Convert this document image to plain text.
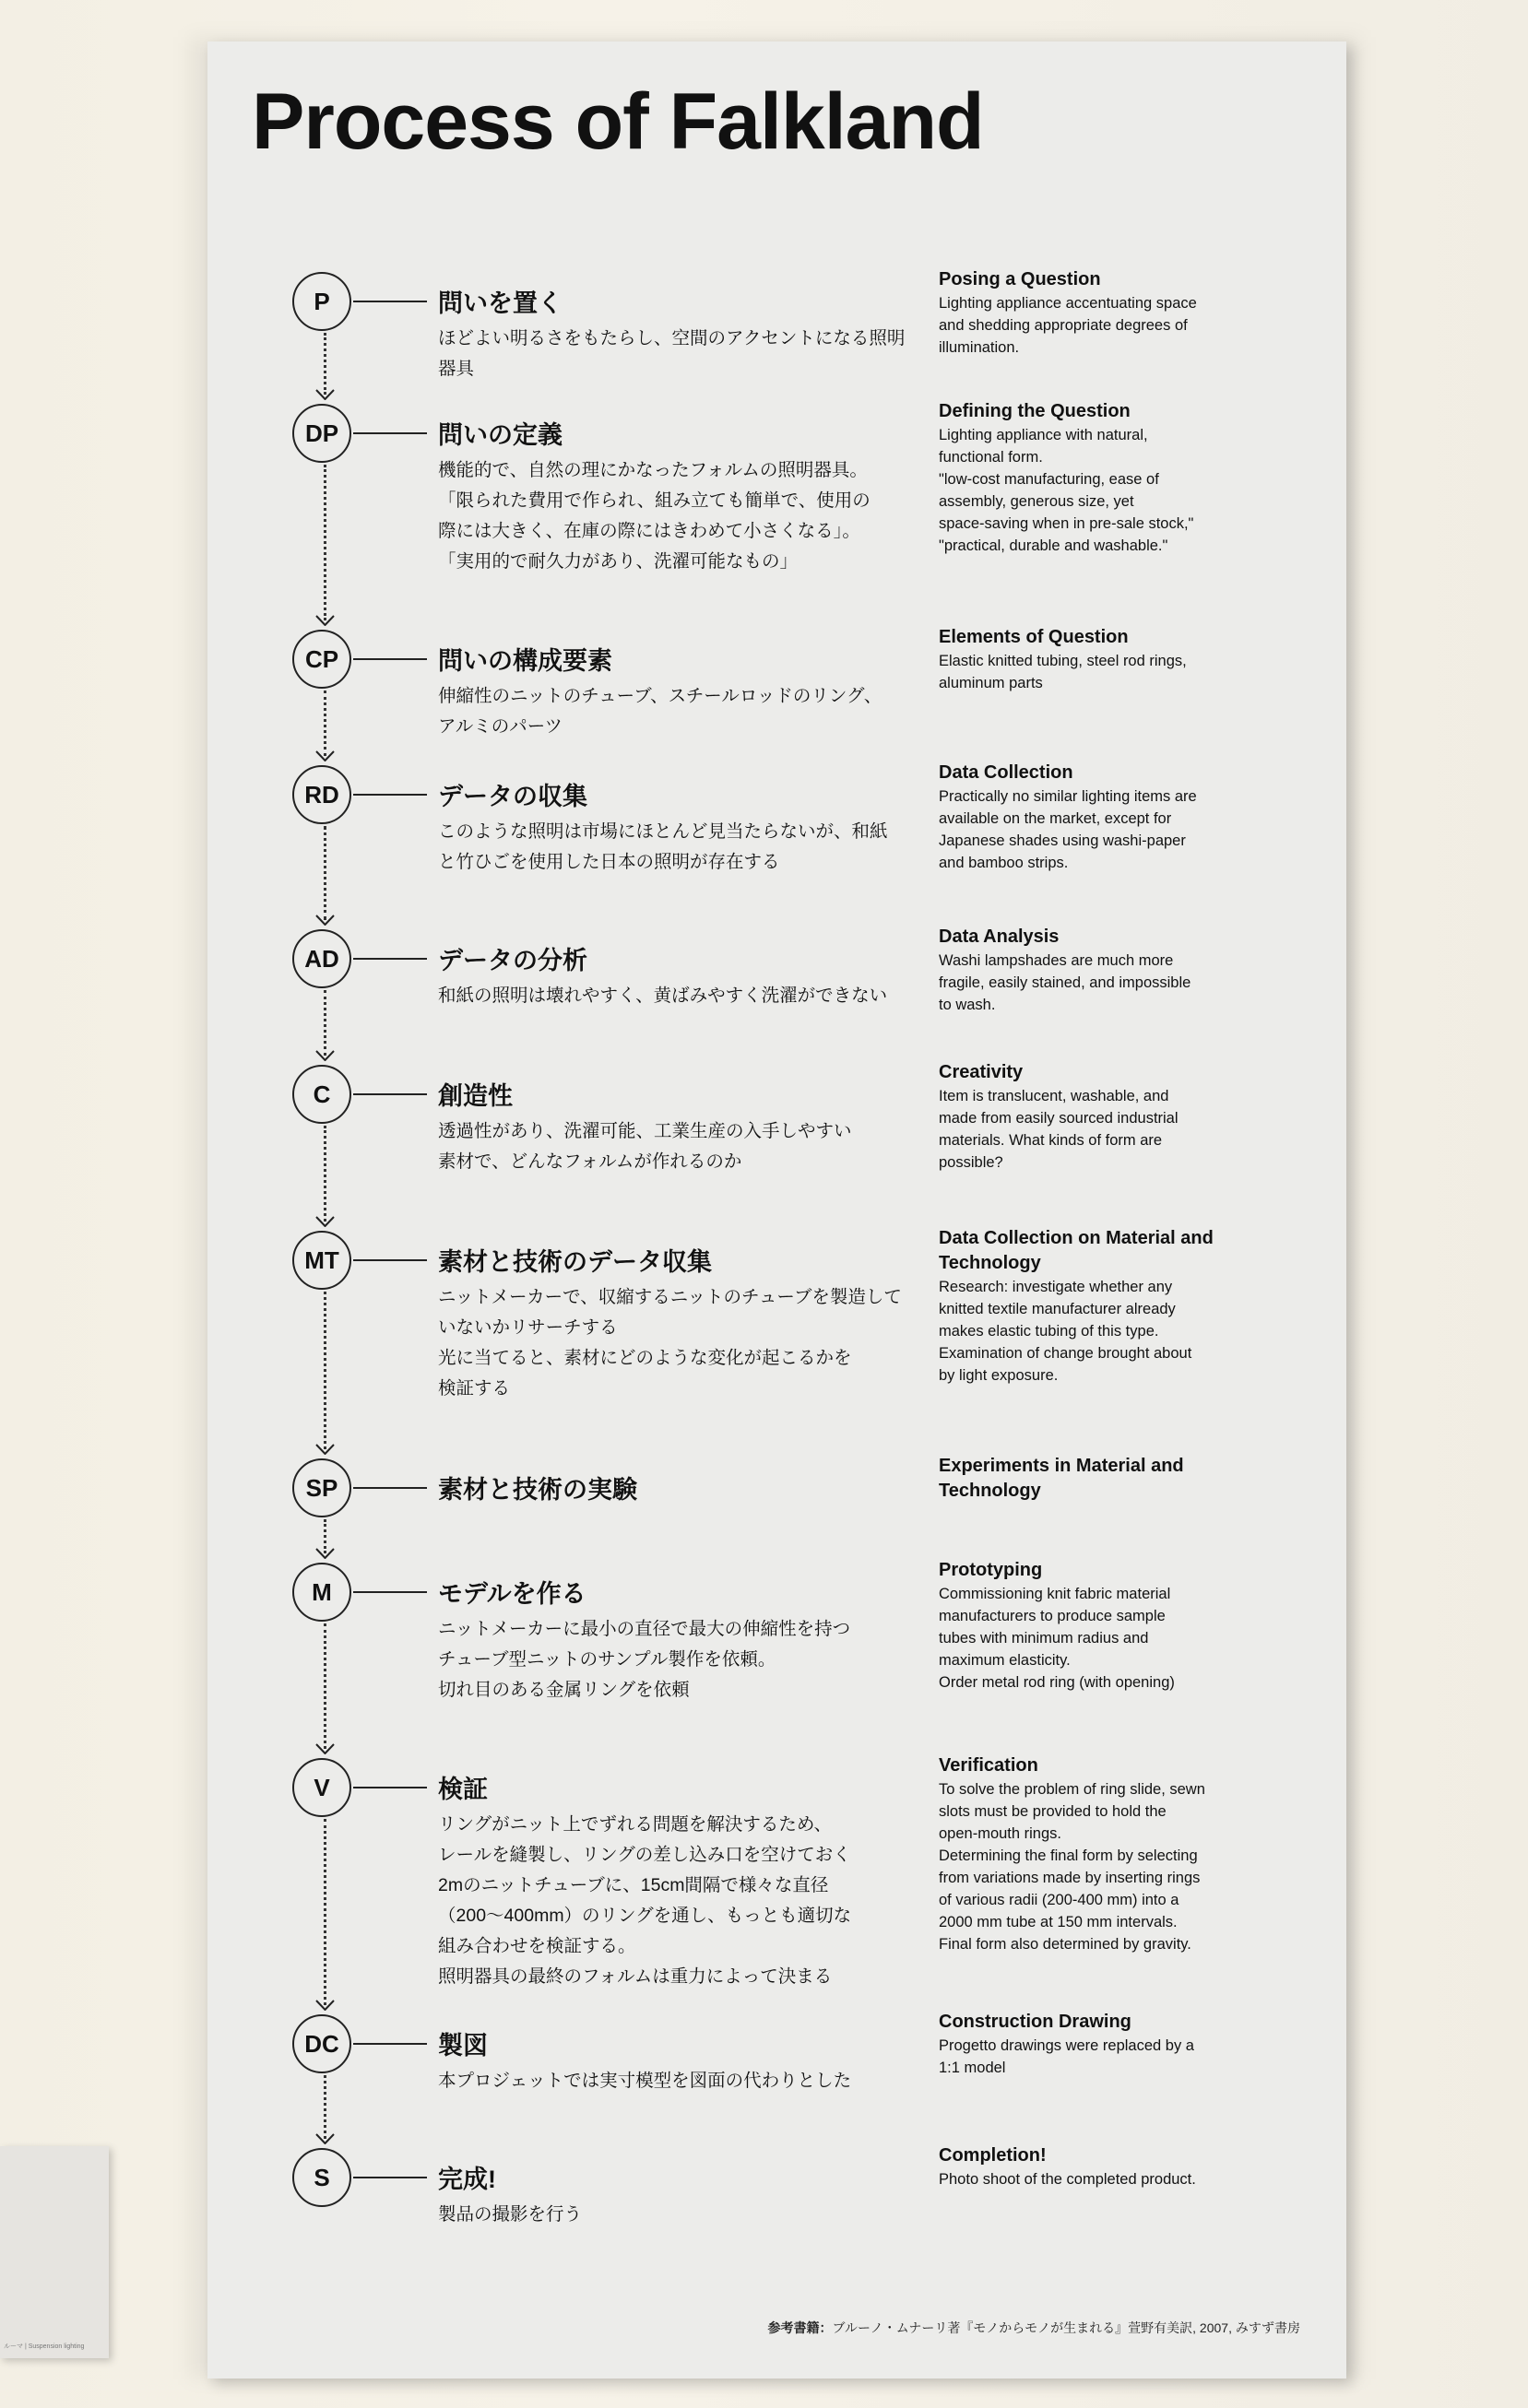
ルーマ | Suspension lighting
Process of Falkland
P	問いを置く
ほどよい明るさをもたらし、空間のアクセントになる照明
器具
Posing a Question
Lighting appliance accentuating space
and shedding appropriate degrees of
illumination.
DP	問いの定義
機能的で、自然の理にかなったフォルムの照明器具。
「限られた費用で作られ、組み立ても簡単で、使用の
際には大きく、在庫の際にはきわめて小さくなる」。
「実用的で耐久力があり、洗濯可能なもの」
Defining the Question
Lighting appliance with natural,
functional form.
"low-cost manufacturing, ease of
assembly, generous size, yet
space-saving when in pre-sale stock,"
"practical, durable and washable."
CP	問いの構成要素
伸縮性のニットのチューブ、スチールロッドのリング、
アルミのパーツ
Elements of Question
Elastic knitted tubing, steel rod rings,
aluminum parts
RD	データの収集
このような照明は市場にほとんど見当たらないが、和紙
と竹ひごを使用した日本の照明が存在する
Data Collection
Practically no similar lighting items are
available on the market, except for
Japanese shades using washi-paper
and bamboo strips.
AD	データの分析
和紙の照明は壊れやすく、黄ばみやすく洗濯ができない
Data Analysis
Washi lampshades are much more
fragile, easily stained, and impossible
to wash.
C	創造性
透過性があり、洗濯可能、工業生産の入手しやすい
素材で、どんなフォルムが作れるのか
Creativity
Item is translucent, washable, and
made from easily sourced industrial
materials. What kinds of form are
possible?
MT	素材と技術のデータ収集
ニットメーカーで、収縮するニットのチューブを製造して
いないかリサーチする
光に当てると、素材にどのような変化が起こるかを
検証する
Data Collection on Material and Technology
Research: investigate whether any
knitted textile manufacturer already
makes elastic tubing of this type.
Examination of change brought about
by light exposure.
SP	素材と技術の実験
Experiments in Material and Technology
M	モデルを作る
ニットメーカーに最小の直径で最大の伸縮性を持つ
チューブ型ニットのサンプル製作を依頼。
切れ目のある金属リングを依頼
Prototyping
Commissioning knit fabric material
manufacturers to produce sample
tubes with minimum radius and
maximum elasticity.
Order metal rod ring (with opening)
V	検証
リングがニット上でずれる問題を解決するため、
レールを縫製し、リングの差し込み口を空けておく
2mのニットチューブに、15cm間隔で様々な直径
（200〜400mm）のリングを通し、もっとも適切な
組み合わせを検証する。
照明器具の最終のフォルムは重力によって決まる
Verification
To solve the problem of ring slide, sewn
slots must be provided to hold the
open-mouth rings.
Determining the final form by selecting
from variations made by inserting rings
of various radii (200-400 mm) into a
2000 mm tube at 150 mm intervals.
Final form also determined by gravity.
DC	製図
本プロジェットでは実寸模型を図面の代わりとした
Construction Drawing
Progetto drawings were replaced by a
1:1 model
S	完成!
製品の撮影を行う
Completion!
Photo shoot of the completed product.
参考書籍：ブルーノ・ムナーリ著『モノからモノが生まれる』萱野有美訳, 2007, みすず書房
